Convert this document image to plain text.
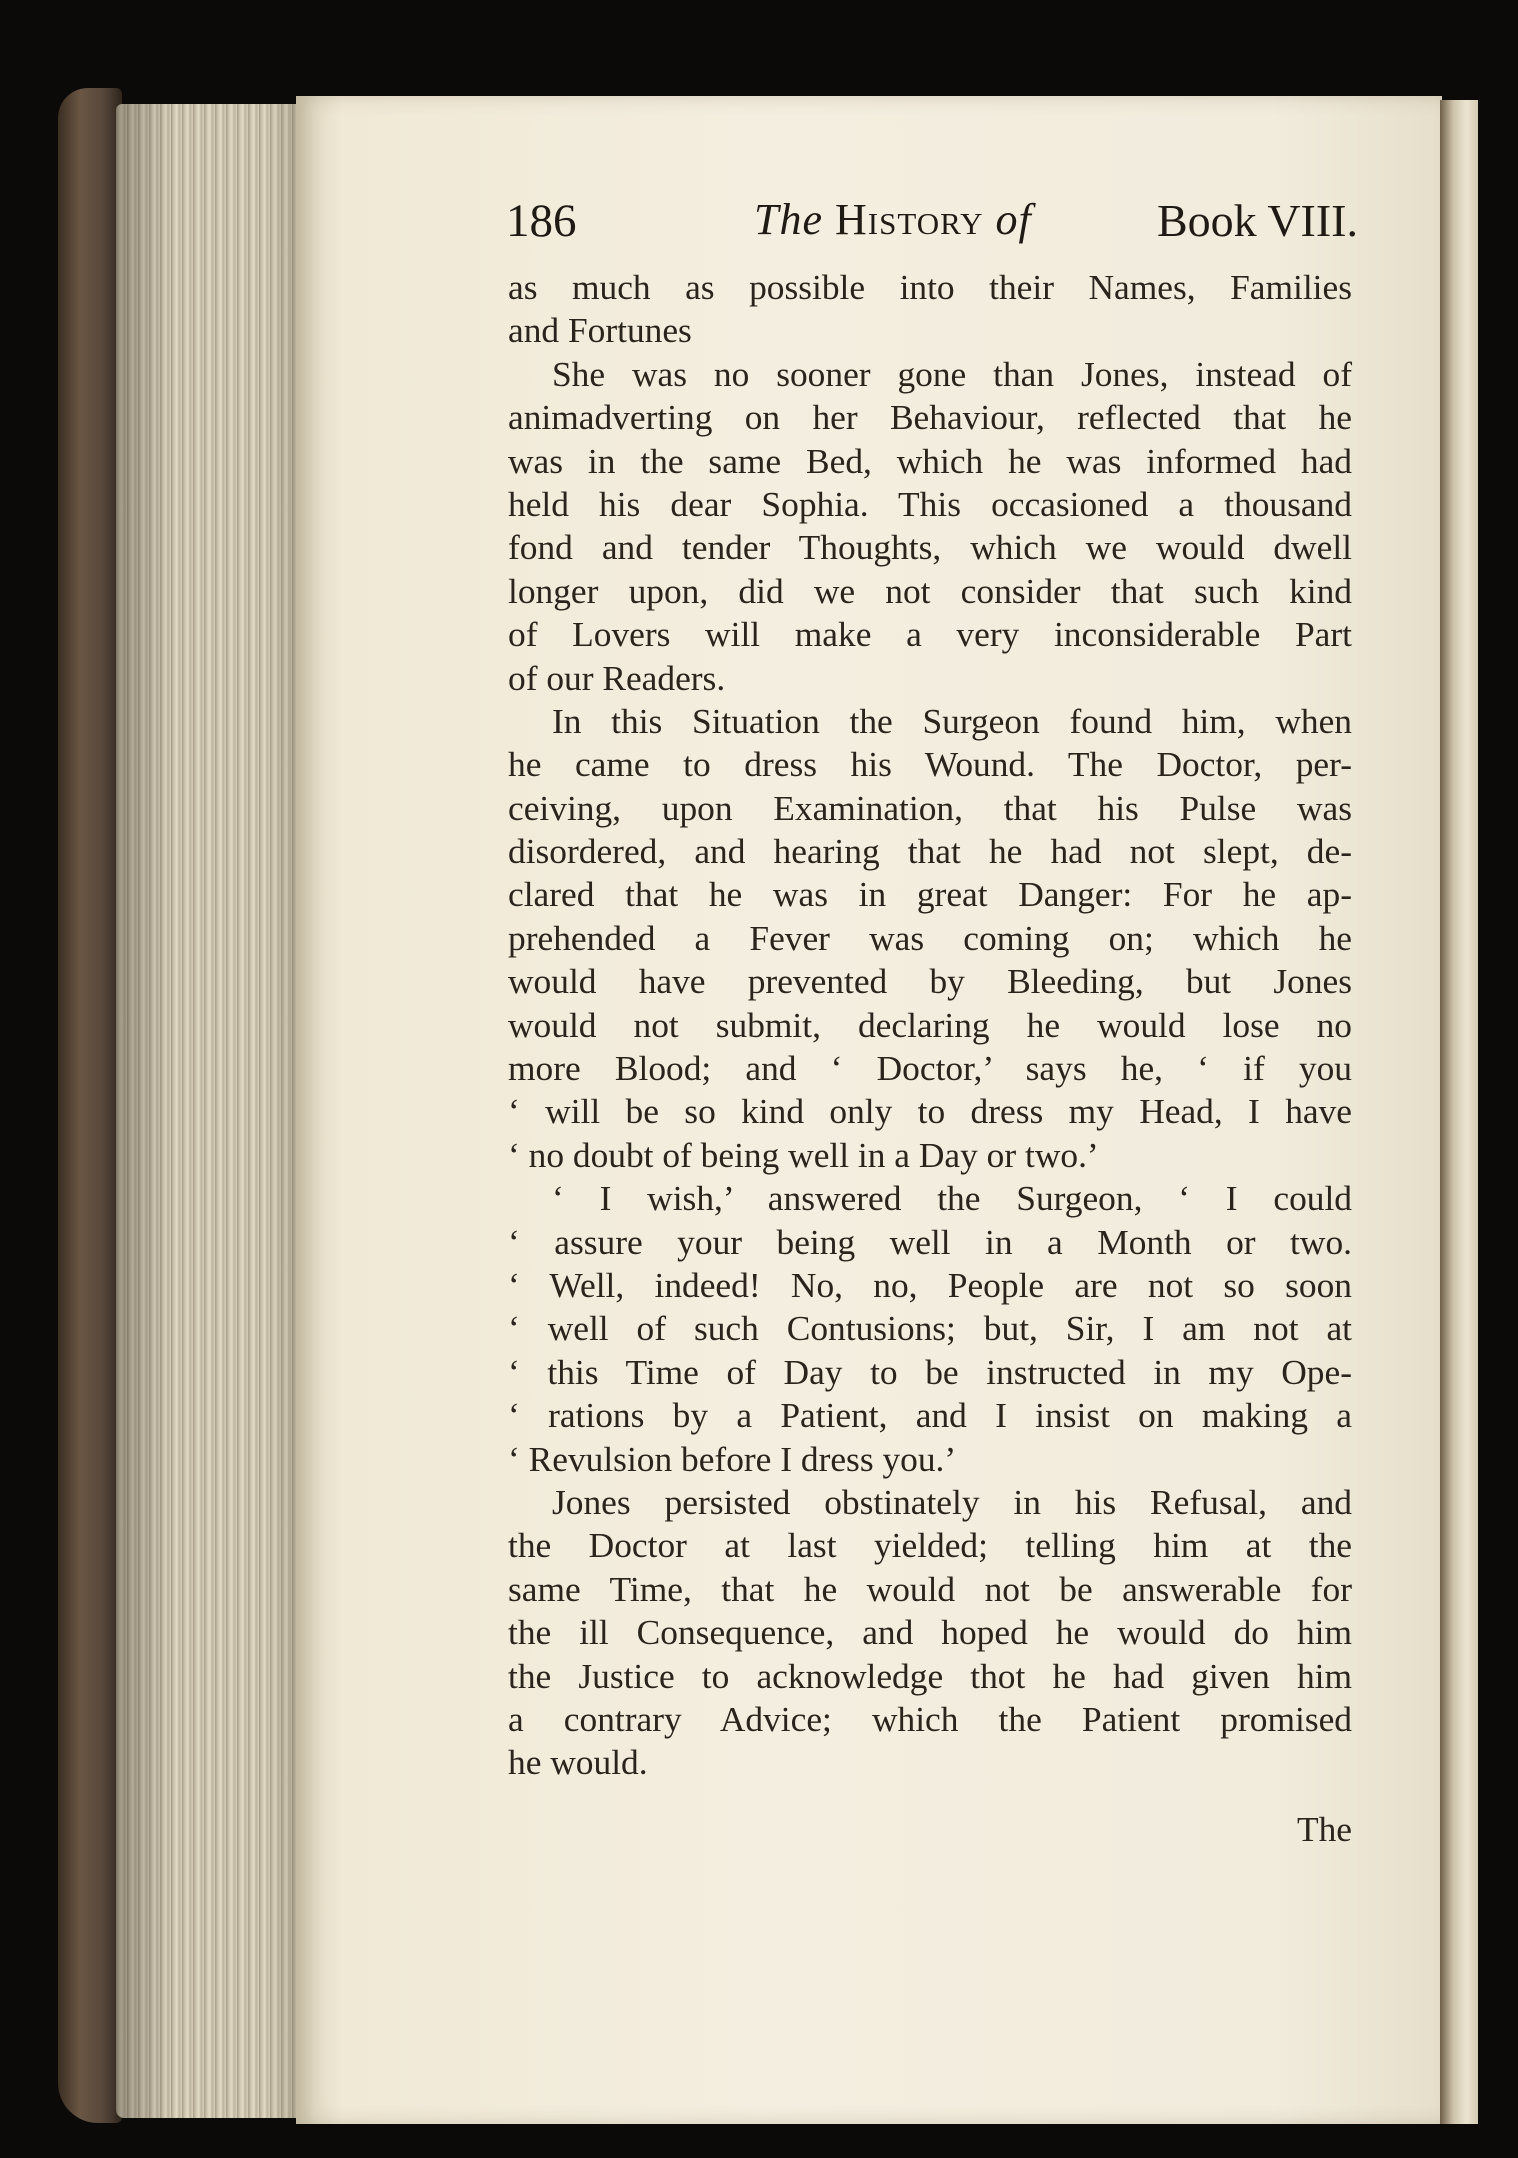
186	The History of	Book VIII.
as much as possible into their Names, Families
and Fortunes
She was no sooner gone than Jones, instead of
animadverting on her Behaviour, reflected that he
was in the same Bed, which he was informed had
held his dear Sophia. This occasioned a thousand
fond and tender Thoughts, which we would dwell
longer upon, did we not consider that such kind
of Lovers will make a very inconsiderable Part
of our Readers.
In this Situation the Surgeon found him, when
he came to dress his Wound. The Doctor, per-
ceiving, upon Examination, that his Pulse was
disordered, and hearing that he had not slept, de-
clared that he was in great Danger: For he ap-
prehended a Fever was coming on; which he
would have prevented by Bleeding, but Jones
would not submit, declaring he would lose no
more Blood; and ‘ Doctor,’ says he, ‘ if you
‘ will be so kind only to dress my Head, I have
‘ no doubt of being well in a Day or two.’
‘ I wish,’ answered the Surgeon, ‘ I could
‘ assure your being well in a Month or two.
‘ Well, indeed! No, no, People are not so soon
‘ well of such Contusions; but, Sir, I am not at
‘ this Time of Day to be instructed in my Ope-
‘ rations by a Patient, and I insist on making a
‘ Revulsion before I dress you.’
Jones persisted obstinately in his Refusal, and
the Doctor at last yielded; telling him at the
same Time, that he would not be answerable for
the ill Consequence, and hoped he would do him
the Justice to acknowledge thot he had given him
a contrary Advice; which the Patient promised
he would.
The
